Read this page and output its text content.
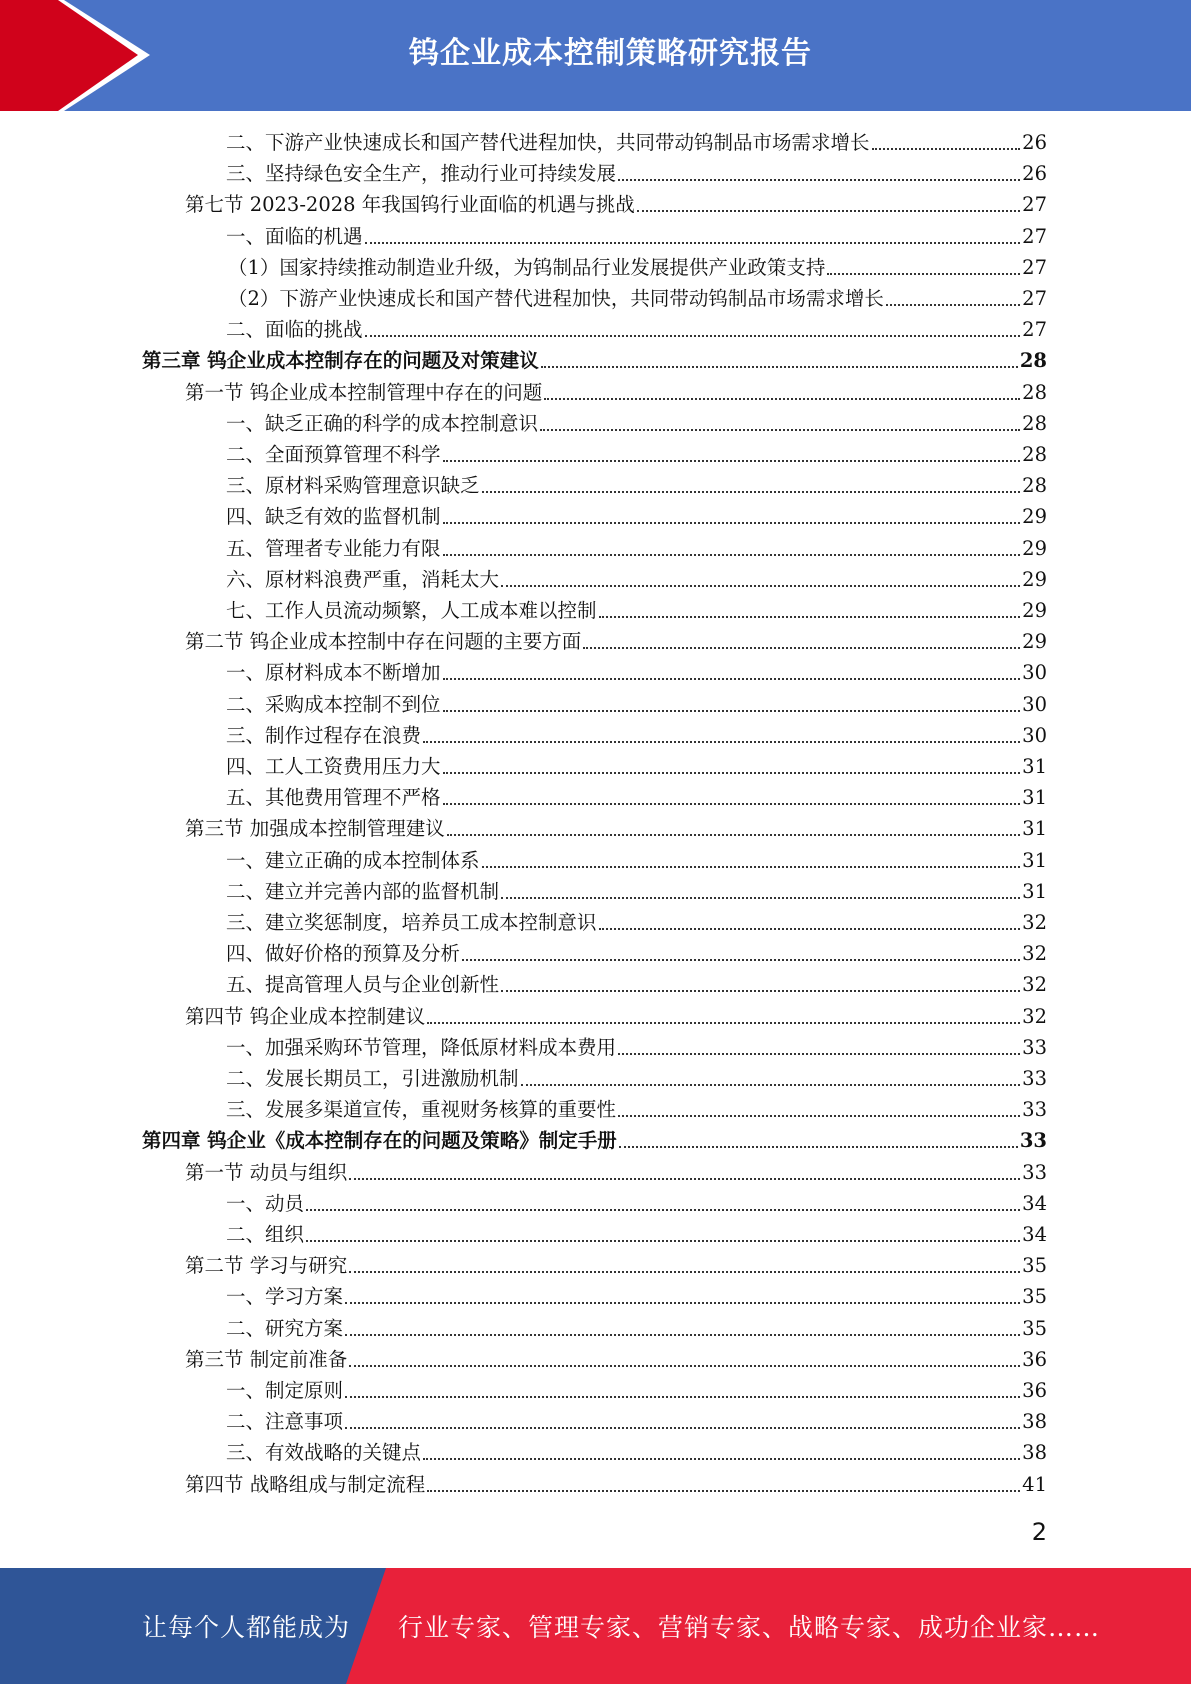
钨企业成本控制策略研究报告
二、下游产业快速成长和国产替代进程加快，共同带动钨制品市场需求增长	26
三、坚持绿色安全生产，推动行业可持续发展	26
第七节 2023-2028 年我国钨行业面临的机遇与挑战	27
一、面临的机遇	27
（1）国家持续推动制造业升级，为钨制品行业发展提供产业政策支持	27
（2）下游产业快速成长和国产替代进程加快，共同带动钨制品市场需求增长	27
二、面临的挑战	27
第三章 钨企业成本控制存在的问题及对策建议	28
第一节 钨企业成本控制管理中存在的问题	28
一、缺乏正确的科学的成本控制意识	28
二、全面预算管理不科学	28
三、原材料采购管理意识缺乏	28
四、缺乏有效的监督机制	29
五、管理者专业能力有限	29
六、原材料浪费严重，消耗太大	29
七、工作人员流动频繁，人工成本难以控制	29
第二节 钨企业成本控制中存在问题的主要方面	29
一、原材料成本不断增加	30
二、采购成本控制不到位	30
三、制作过程存在浪费	30
四、工人工资费用压力大	31
五、其他费用管理不严格	31
第三节 加强成本控制管理建议	31
一、建立正确的成本控制体系	31
二、建立并完善内部的监督机制	31
三、建立奖惩制度，培养员工成本控制意识	32
四、做好价格的预算及分析	32
五、提高管理人员与企业创新性	32
第四节 钨企业成本控制建议	32
一、加强采购环节管理，降低原材料成本费用	33
二、发展长期员工，引进激励机制	33
三、发展多渠道宣传，重视财务核算的重要性	33
第四章 钨企业《成本控制存在的问题及策略》制定手册	33
第一节 动员与组织	33
一、动员	34
二、组织	34
第二节 学习与研究	35
一、学习方案	35
二、研究方案	35
第三节 制定前准备	36
一、制定原则	36
二、注意事项	38
三、有效战略的关键点	38
第四节 战略组成与制定流程	41
2
让每个人都能成为 行业专家、管理专家、营销专家、战略专家、成功企业家……
